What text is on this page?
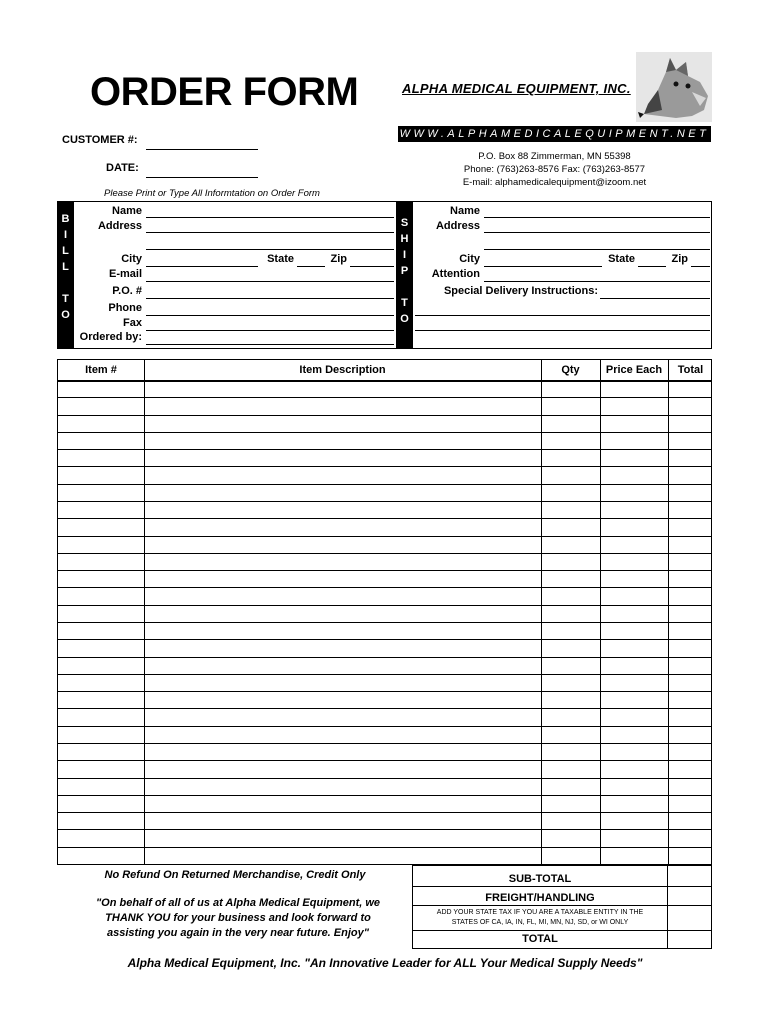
ORDER FORM	ALPHA MEDICAL EQUIPMENT, INC.
WWW.ALPHAMEDICALEQUIPMENT.NET
P.O. Box 88 Zimmerman, MN 55398
Phone: (763)263-8576 Fax: (763)263-8577
E-mail: alphamedicalequipment@izoom.net
CUSTOMER #:
DATE:
Please Print or Type All Informtation on Order Form
B
I
L
L
T
O
Name
Address
City	State	Zip
E-mail
P.O. #
Phone
Fax
Ordered by:
S
H
I
P
T
O
Name
Address
City	State	Zip
Attention
Special Delivery Instructions:
Item #	Item Description	Qty	Price Each	Total
No Refund On Returned Merchandise, Credit Only
"On behalf of all of us at Alpha Medical Equipment, we THANK YOU for your business and look forward to assisting you again in the very near future. Enjoy"
SUB-TOTAL
FREIGHT/HANDLING
ADD YOUR STATE TAX IF YOU ARE A TAXABLE ENTITY IN THE STATES OF CA, IA, IN, FL, MI, MN, NJ, SD, or WI ONLY
TOTAL
Alpha Medical Equipment, Inc. "An Innovative Leader for ALL Your Medical Supply Needs"
